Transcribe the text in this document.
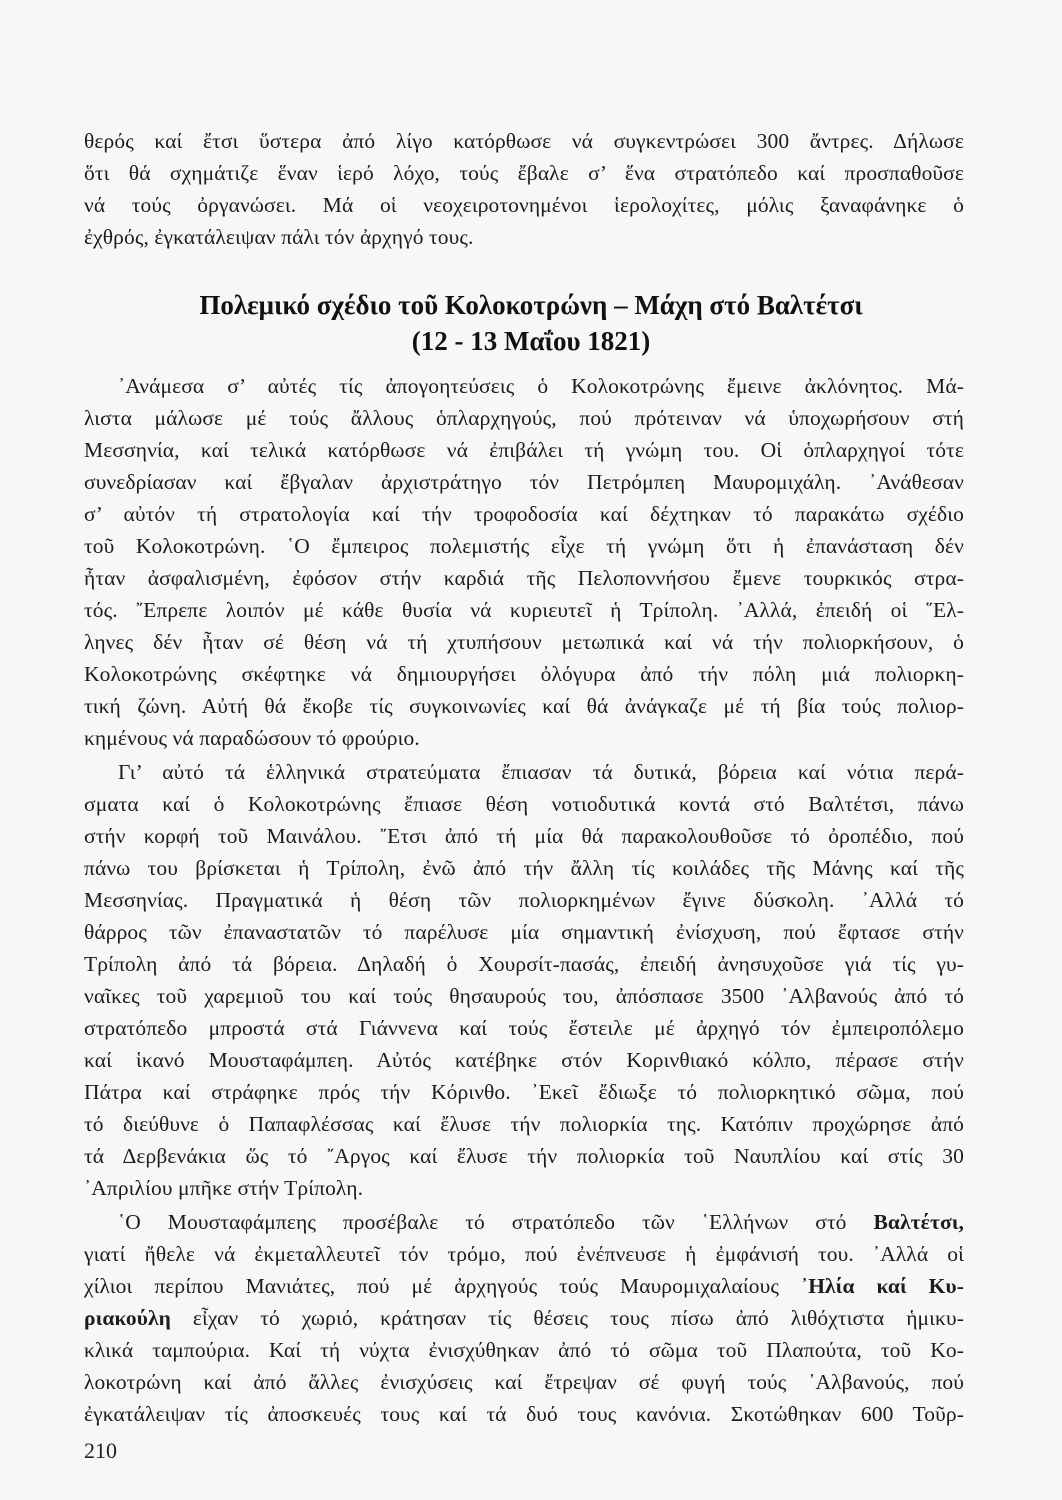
θερός καί ἔτσι ὕστερα ἀπό λίγο κατόρθωσε νά συγκεντρώσει 300 ἄντρες. Δήλωσε
ὅτι θά σχημάτιζε ἕναν ἱερό λόχο, τούς ἔβαλε σ’ ἕνα στρατόπεδο καί προσπαθοῦσε
νά τούς ὀργανώσει. Μά οἱ νεοχειροτονημένοι ἱερολοχίτες, μόλις ξαναφάνηκε ὁ
ἐχθρός, ἐγκατάλειψαν πάλι τόν ἀρχηγό τους.
Πολεμικό σχέδιο τοῦ Κολοκοτρώνη – Μάχη στό Βαλτέτσι
(12 - 13 Μαΐου 1821)
᾽Ανάμεσα σ’ αὐτές τίς ἀπογοητεύσεις ὁ Κολοκοτρώνης ἔμεινε ἀκλόνητος. Μά-
λιστα μάλωσε μέ τούς ἄλλους ὁπλαρχηγούς, πού πρότειναν νά ὑποχωρήσουν στή
Μεσσηνία, καί τελικά κατόρθωσε νά ἐπιβάλει τή γνώμη του. Οἱ ὁπλαρχηγοί τότε
συνεδρίασαν καί ἔβγαλαν ἀρχιστράτηγο τόν Πετρόμπεη Μαυρομιχάλη. ᾽Ανάθεσαν
σ’ αὐτόν τή στρατολογία καί τήν τροφοδοσία καί δέχτηκαν τό παρακάτω σχέδιο
τοῦ Κολοκοτρώνη. ῾Ο ἔμπειρος πολεμιστής εἶχε τή γνώμη ὅτι ἡ ἐπανάσταση δέν
ἦταν ἀσφαλισμένη, ἐφόσον στήν καρδιά τῆς Πελοποννήσου ἔμενε τουρκικός στρα-
τός. ῎Επρεπε λοιπόν μέ κάθε θυσία νά κυριευτεῖ ἡ Τρίπολη. ᾽Αλλά, ἐπειδή οἱ ῞Ελ-
ληνες δέν ἦταν σέ θέση νά τή χτυπήσουν μετωπικά καί νά τήν πολιορκήσουν, ὁ
Κολοκοτρώνης σκέφτηκε νά δημιουργήσει ὀλόγυρα ἀπό τήν πόλη μιά πολιορκη-
τική ζώνη. Αὐτή θά ἔκοβε τίς συγκοινωνίες καί θά ἀνάγκαζε μέ τή βία τούς πολιορ-
κημένους νά παραδώσουν τό φρούριο.
Γι’ αὐτό τά ἑλληνικά στρατεύματα ἔπιασαν τά δυτικά, βόρεια καί νότια περά-
σματα καί ὁ Κολοκοτρώνης ἔπιασε θέση νοτιοδυτικά κοντά στό Βαλτέτσι, πάνω
στήν κορφή τοῦ Μαινάλου. ῎Ετσι ἀπό τή μία θά παρακολουθοῦσε τό ὀροπέδιο, πού
πάνω του βρίσκεται ἡ Τρίπολη, ἐνῶ ἀπό τήν ἄλλη τίς κοιλάδες τῆς Μάνης καί τῆς
Μεσσηνίας. Πραγματικά ἡ θέση τῶν πολιορκημένων ἔγινε δύσκολη. ᾽Αλλά τό
θάρρος τῶν ἐπαναστατῶν τό παρέλυσε μία σημαντική ἐνίσχυση, πού ἔφτασε στήν
Τρίπολη ἀπό τά βόρεια. Δηλαδή ὁ Χουρσίτ-πασάς, ἐπειδή ἀνησυχοῦσε γιά τίς γυ-
ναῖκες τοῦ χαρεμιοῦ του καί τούς θησαυρούς του, ἀπόσπασε 3500 ᾽Αλβανούς ἀπό τό
στρατόπεδο μπροστά στά Γιάννενα καί τούς ἔστειλε μέ ἀρχηγό τόν ἐμπειροπόλεμο
καί ἱκανό Μουσταφάμπεη. Αὐτός κατέβηκε στόν Κορινθιακό κόλπο, πέρασε στήν
Πάτρα καί στράφηκε πρός τήν Κόρινθο. ᾽Εκεῖ ἔδιωξε τό πολιορκητικό σῶμα, πού
τό διεύθυνε ὁ Παπαφλέσσας καί ἔλυσε τήν πολιορκία της. Κατόπιν προχώρησε ἀπό
τά Δερβενάκια ὥς τό ῎Αργος καί ἔλυσε τήν πολιορκία τοῦ Ναυπλίου καί στίς 30
᾽Απριλίου μπῆκε στήν Τρίπολη.
῾Ο Μουσταφάμπεης προσέβαλε τό στρατόπεδο τῶν ῾Ελλήνων στό Βαλτέτσι,
γιατί ἤθελε νά ἐκμεταλλευτεῖ τόν τρόμο, πού ἐνέπνευσε ἡ ἐμφάνισή του. ᾽Αλλά οἱ
χίλιοι περίπου Μανιάτες, πού μέ ἀρχηγούς τούς Μαυρομιχαλαίους ᾽Ηλία καί Κυ-
ριακούλη εἶχαν τό χωριό, κράτησαν τίς θέσεις τους πίσω ἀπό λιθόχτιστα ἡμικυ-
κλικά ταμπούρια. Καί τή νύχτα ἐνισχύθηκαν ἀπό τό σῶμα τοῦ Πλαπούτα, τοῦ Κο-
λοκοτρώνη καί ἀπό ἄλλες ἐνισχύσεις καί ἔτρεψαν σέ φυγή τούς ᾽Αλβανούς, πού
ἐγκατάλειψαν τίς ἀποσκευές τους καί τά δυό τους κανόνια. Σκοτώθηκαν 600 Τοῦρ-
210
